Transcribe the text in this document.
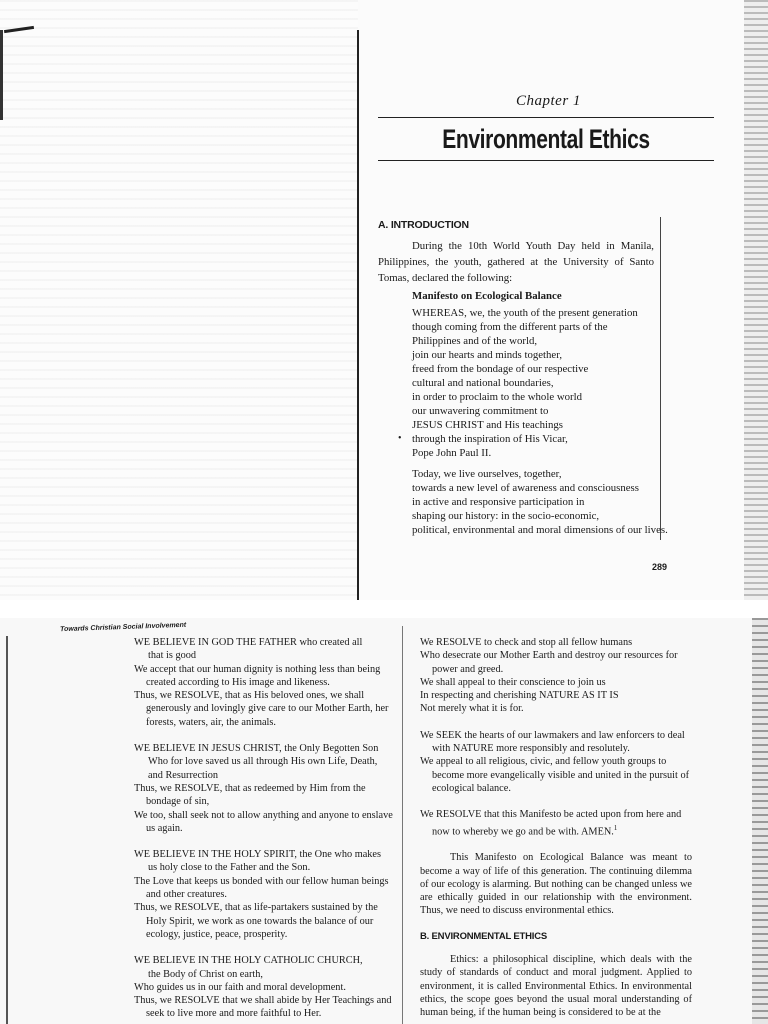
Chapter 1
Environmental Ethics
A. INTRODUCTION

During the 10th World Youth Day held in Manila, Philippines, the youth, gathered at the University of Santo Tomas, declared the following:

Manifesto on Ecological Balance
WHEREAS, we, the youth of the present generation
though coming from the different parts of the
Philippines and of the world,
join our hearts and minds together,
freed from the bondage of our respective
cultural and national boundaries,
in order to proclaim to the whole world
our unwavering commitment to
JESUS CHRIST and His teachings
through the inspiration of His Vicar,
Pope John Paul II.
•
Today, we live ourselves, together,
towards a new level of awareness and consciousness
in active and responsive participation in
shaping our history: in the socio-economic,
political, environmental and moral dimensions of our lives.
289
Towards Christian Social Involvement
WE BELIEVE IN GOD THE FATHER who created all
that is good
We accept that our human dignity is nothing less than being created according to His image and likeness.
Thus, we RESOLVE, that as His beloved ones, we shall generously and lovingly give care to our Mother Earth, her forests, waters, air, the animals.
WE BELIEVE IN JESUS CHRIST, the Only Begotten Son
Who for love saved us all through His own Life, Death, and Resurrection
Thus, we RESOLVE, that as redeemed by Him from the bondage of sin,
We too, shall seek not to allow anything and anyone to enslave us again.
WE BELIEVE IN THE HOLY SPIRIT, the One who makes
us holy close to the Father and the Son.
The Love that keeps us bonded with our fellow human beings and other creatures.
Thus, we RESOLVE, that as life-partakers sustained by the Holy Spirit, we work as one towards the balance of our ecology, justice, peace, prosperity.
WE BELIEVE IN THE HOLY CATHOLIC CHURCH,
the Body of Christ on earth,
Who guides us in our faith and moral development.
Thus, we RESOLVE that we shall abide by Her Teachings and seek to live more and more faithful to Her.
We RESOLVE to check and stop all fellow humans
Who desecrate our Mother Earth and destroy our resources for power and greed.
We shall appeal to their conscience to join us
In respecting and cherishing NATURE AS IT IS
Not merely what it is for.
We SEEK the hearts of our lawmakers and law enforcers to deal with NATURE more responsibly and resolutely.
We appeal to all religious, civic, and fellow youth groups to become more evangelically visible and united in the pursuit of ecological balance.
We RESOLVE that this Manifesto be acted upon from here and now to whereby we go and be with. AMEN.$^1$

This Manifesto on Ecological Balance was meant to become a way of life of this generation. The continuing dilemma of our ecology is alarming. But nothing can be changed unless we are ethically guided in our relationship with the environment. Thus, we need to discuss environmental ethics.

B. ENVIRONMENTAL ETHICS

Ethics: a philosophical discipline, which deals with the study of standards of conduct and moral judgment. Applied to environment, it is called Environmental Ethics. In environmental ethics, the scope goes beyond the usual moral understanding of human being, if the human being is considered to be at the
